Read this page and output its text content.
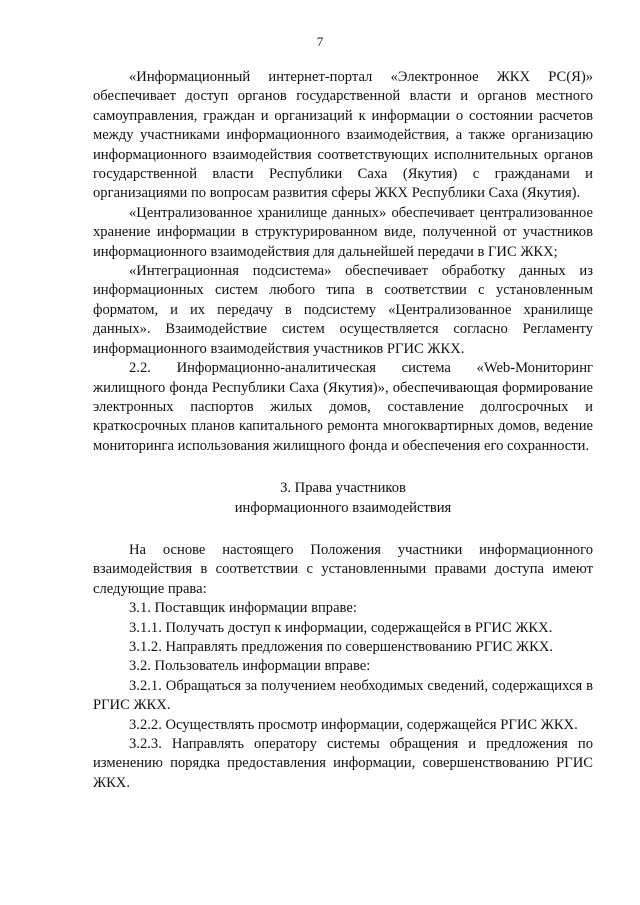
7

«Информационный интернет-портал «Электронное ЖКХ РС(Я)» обеспечивает доступ органов государственной власти и органов местного самоуправления, граждан и организаций к информации о состоянии расчетов между участниками информационного взаимодействия, а также организацию информационного взаимодействия соответствующих исполнительных органов государственной власти Республики Саха (Якутия) с гражданами и организациями по вопросам развития сферы ЖКХ Республики Саха (Якутия).

«Централизованное хранилище данных» обеспечивает централизованное хранение информации в структурированном виде, полученной от участников информационного взаимодействия для дальнейшей передачи в ГИС ЖКХ;

«Интеграционная подсистема» обеспечивает обработку данных из информационных систем любого типа в соответствии с установленным форматом, и их передачу в подсистему «Централизованное хранилище данных». Взаимодействие систем осуществляется согласно Регламенту информационного взаимодействия участников РГИС ЖКХ.

2.2. Информационно-аналитическая система «Web-Мониторинг жилищного фонда Республики Саха (Якутия)», обеспечивающая формирование электронных паспортов жилых домов, составление долгосрочных и краткосрочных планов капитального ремонта многоквартирных домов, ведение мониторинга использования жилищного фонда и обеспечения его сохранности.

3. Права участников
информационного взаимодействия

На основе настоящего Положения участники информационного взаимодействия в соответствии с установленными правами доступа имеют следующие права:

3.1. Поставщик информации вправе:

3.1.1. Получать доступ к информации, содержащейся в РГИС ЖКХ.

3.1.2. Направлять предложения по совершенствованию РГИС ЖКХ.

3.2. Пользователь информации вправе:

3.2.1. Обращаться за получением необходимых сведений, содержащихся в РГИС ЖКХ.

3.2.2. Осуществлять просмотр информации, содержащейся РГИС ЖКХ.

3.2.3. Направлять оператору системы обращения и предложения по изменению порядка предоставления информации, совершенствованию РГИС ЖКХ.
